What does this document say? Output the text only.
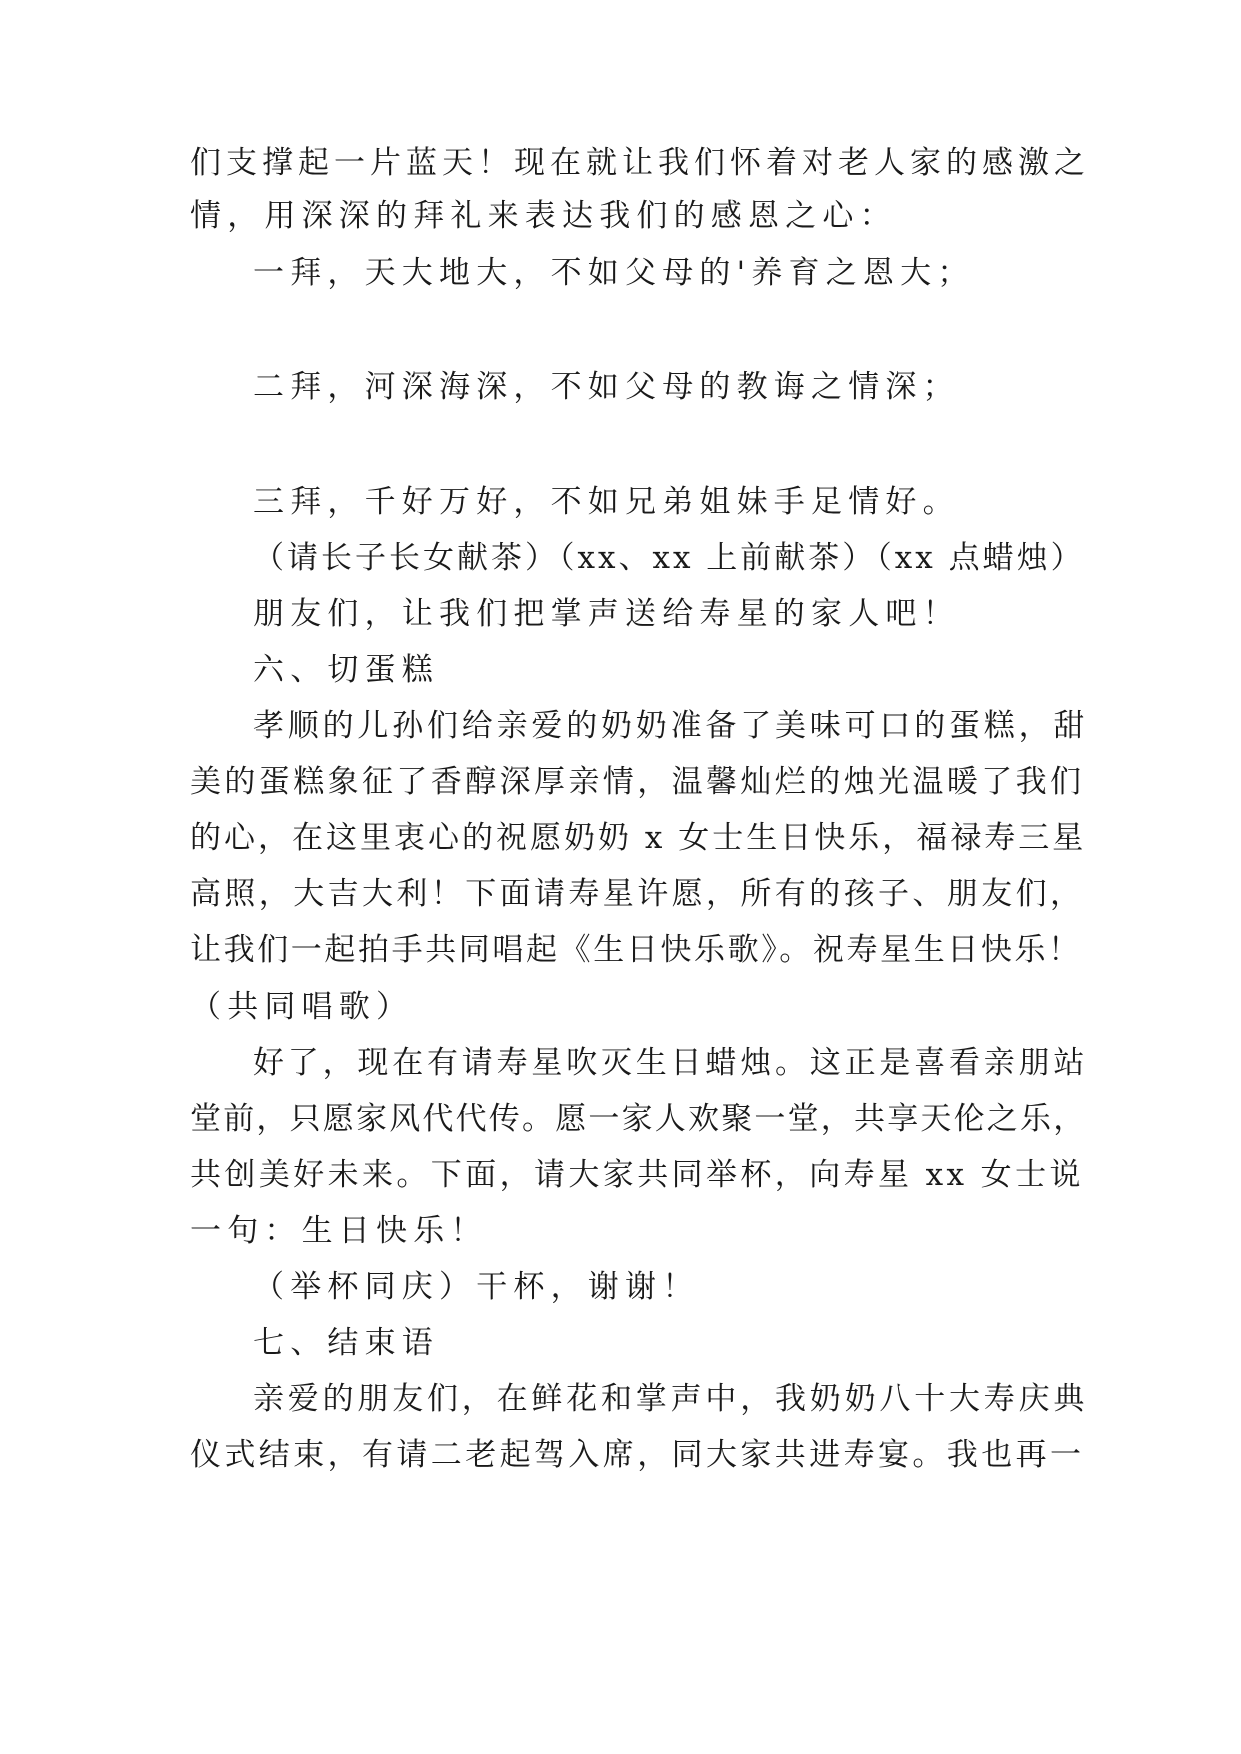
们支撑起一片蓝天！现在就让我们怀着对老人家的感激之
情，用深深的拜礼来表达我们的感恩之心：
一拜，天大地大，不如父母的'养育之恩大；
二拜，河深海深，不如父母的教诲之情深；
三拜，千好万好，不如兄弟姐妹手足情好。
（请长子长女献茶）（xx、xx 上前献茶）（xx 点蜡烛）
朋友们，让我们把掌声送给寿星的家人吧！
六、切蛋糕
孝顺的儿孙们给亲爱的奶奶准备了美味可口的蛋糕，甜
美的蛋糕象征了香醇深厚亲情，温馨灿烂的烛光温暖了我们
的心，在这里衷心的祝愿奶奶 x 女士生日快乐，福禄寿三星
高照，大吉大利！下面请寿星许愿，所有的孩子、朋友们，
让我们一起拍手共同唱起《生日快乐歌》。祝寿星生日快乐！
（共同唱歌）
好了，现在有请寿星吹灭生日蜡烛。这正是喜看亲朋站
堂前，只愿家风代代传。愿一家人欢聚一堂，共享天伦之乐，
共创美好未来。下面，请大家共同举杯，向寿星 xx 女士说
一句：生日快乐！
（举杯同庆）干杯，谢谢！
七、结束语
亲爱的朋友们，在鲜花和掌声中，我奶奶八十大寿庆典
仪式结束，有请二老起驾入席，同大家共进寿宴。我也再一
